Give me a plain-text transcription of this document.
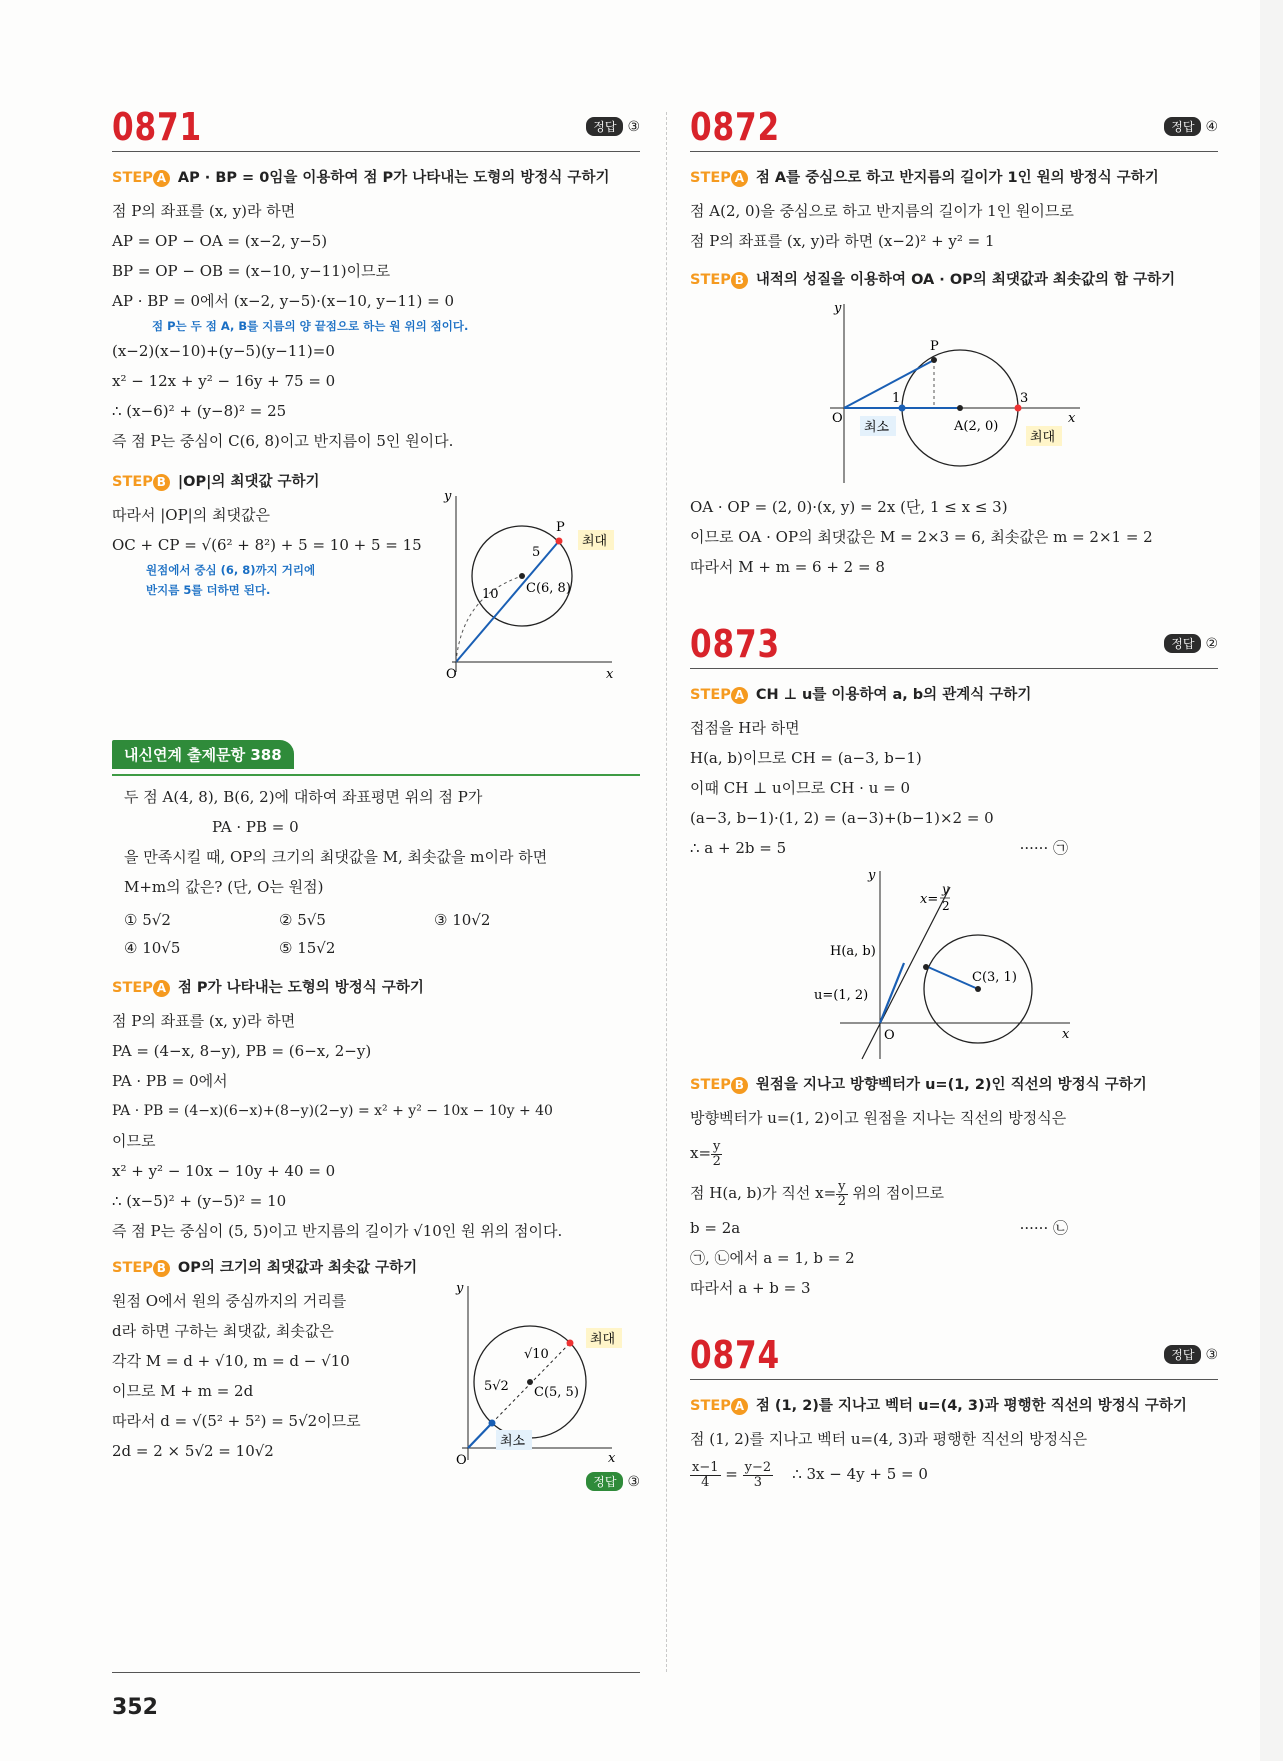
0871	정답 ③
STEP A AP · BP = 0임을 이용하여 점 P가 나타내는 도형의 방정식 구하기
점 P의 좌표를 (x, y)라 하면
AP = OP − OA = (x−2, y−5)
BP = OP − OB = (x−10, y−11)이므로
AP · BP = 0에서 (x−2, y−5)·(x−10, y−11) = 0
점 P는 두 점 A, B를 지름의 양 끝점으로 하는 원 위의 점이다.
(x−2)(x−10)+(y−5)(y−11)=0
x² − 12x + y² − 16y + 75 = 0
∴ (x−6)² + (y−8)² = 25
즉 점 P는 중심이 C(6, 8)이고 반지름이 5인 원이다.
STEP B |OP|의 최댓값 구하기
따라서 |OP|의 최댓값은
OC + CP = √(6² + 8²) + 5 = 10 + 5 = 15
원점에서 중심 (6, 8)까지 거리에
반지름 5를 더하면 된다.
y
x
O
P
C(6, 8)
5
10
최대
내신연계 출제문항 388
두 점 A(4, 8), B(6, 2)에 대하여 좌표평면 위의 점 P가
PA · PB = 0
을 만족시킬 때, OP의 크기의 최댓값을 M, 최솟값을 m이라 하면
M+m의 값은? (단, O는 원점)
① 5√2	② 5√5	③ 10√2
④ 10√5	⑤ 15√2
STEP A 점 P가 나타내는 도형의 방정식 구하기
점 P의 좌표를 (x, y)라 하면
PA = (4−x, 8−y), PB = (6−x, 2−y)
PA · PB = 0에서
PA · PB = (4−x)(6−x)+(8−y)(2−y) = x² + y² − 10x − 10y + 40
이므로
x² + y² − 10x − 10y + 40 = 0
∴ (x−5)² + (y−5)² = 10
즉 점 P는 중심이 (5, 5)이고 반지름의 길이가 √10인 원 위의 점이다.
STEP B OP의 크기의 최댓값과 최솟값 구하기
원점 O에서 원의 중심까지의 거리를
d라 하면 구하는 최댓값, 최솟값은
각각 M = d + √10, m = d − √10
이므로 M + m = 2d
따라서 d = √(5² + 5²) = 5√2이므로
2d = 2 × 5√2 = 10√2
y
x
O
C(5, 5)
√10
5√2
최대
최소
정답 ③
352
0872	정답 ④
STEP A 점 A를 중심으로 하고 반지름의 길이가 1인 원의 방정식 구하기
점 A(2, 0)을 중심으로 하고 반지름의 길이가 1인 원이므로
점 P의 좌표를 (x, y)라 하면 (x−2)² + y² = 1
STEP B 내적의 성질을 이용하여 OA · OP의 최댓값과 최솟값의 합 구하기
y
x
O
P
A(2, 0)
1	3
최소
최대
OA · OP = (2, 0)·(x, y) = 2x (단, 1 ≤ x ≤ 3)
이므로 OA · OP의 최댓값은 M = 2×3 = 6, 최솟값은 m = 2×1 = 2
따라서 M + m = 6 + 2 = 8
0873	정답 ②
STEP A CH ⊥ u를 이용하여 a, b의 관계식 구하기
접점을 H라 하면
H(a, b)이므로 CH = (a−3, b−1)
이때 CH ⊥ u이므로 CH · u = 0
(a−3, b−1)·(1, 2) = (a−3)+(b−1)×2 = 0
∴ a + 2b = 5	······ ㉠
y
x
O
H(a, b)
u=(1, 2)
C(3, 1)
x=
y
2
STEP B 원점을 지나고 방향벡터가 u=(1, 2)인 직선의 방정식 구하기
방향벡터가 u=(1, 2)이고 원점을 지나는 직선의 방정식은
$x= \frac{y}{2}$
점 H(a, b)가 직선 $x= \frac{y}{2}$ 위의 점이므로
b = 2a	······ ㉡
㉠, ㉡에서 a = 1, b = 2
따라서 a + b = 3
0874	정답 ③
STEP A 점 (1, 2)를 지나고 벡터 u=(4, 3)과 평행한 직선의 방정식 구하기
점 (1, 2)를 지나고 벡터 u=(4, 3)과 평행한 직선의 방정식은
$\frac{x-1}{4} = \frac{y-2}{3}$ ∴ 3x − 4y + 5 = 0
